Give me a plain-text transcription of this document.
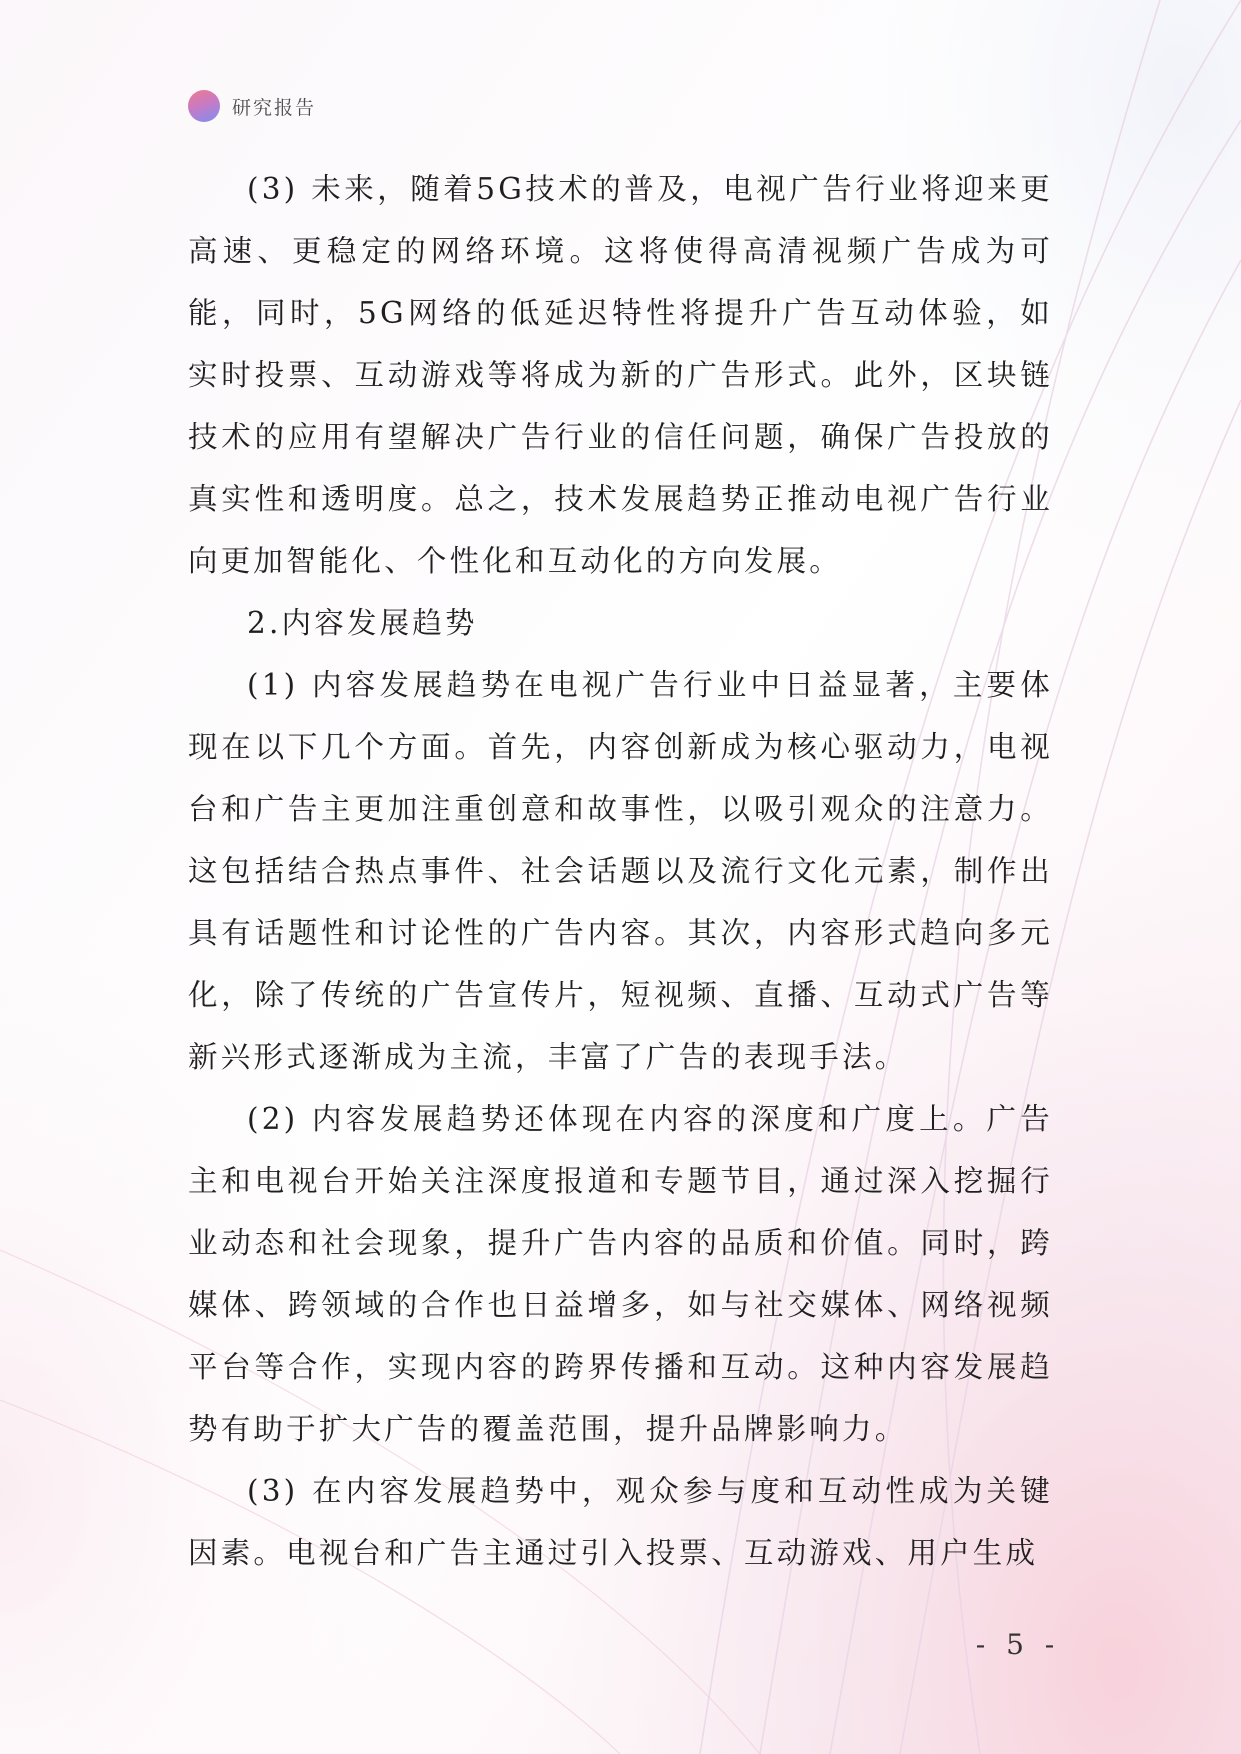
研究报告

(3) 未来，随着5G技术的普及，电视广告行业将迎来更高速、更稳定的网络环境。这将使得高清视频广告成为可能，同时，5G网络的低延迟特性将提升广告互动体验，如实时投票、互动游戏等将成为新的广告形式。此外，区块链技术的应用有望解决广告行业的信任问题，确保广告投放的真实性和透明度。总之，技术发展趋势正推动电视广告行业向更加智能化、个性化和互动化的方向发展。

2.内容发展趋势

(1) 内容发展趋势在电视广告行业中日益显著，主要体现在以下几个方面。首先，内容创新成为核心驱动力，电视台和广告主更加注重创意和故事性，以吸引观众的注意力。这包括结合热点事件、社会话题以及流行文化元素，制作出具有话题性和讨论性的广告内容。其次，内容形式趋向多元化，除了传统的广告宣传片，短视频、直播、互动式广告等新兴形式逐渐成为主流，丰富了广告的表现手法。

(2) 内容发展趋势还体现在内容的深度和广度上。广告主和电视台开始关注深度报道和专题节目，通过深入挖掘行业动态和社会现象，提升广告内容的品质和价值。同时，跨媒体、跨领域的合作也日益增多，如与社交媒体、网络视频平台等合作，实现内容的跨界传播和互动。这种内容发展趋势有助于扩大广告的覆盖范围，提升品牌影响力。

(3) 在内容发展趋势中，观众参与度和互动性成为关键因素。电视台和广告主通过引入投票、互动游戏、用户生成

- 5 -
